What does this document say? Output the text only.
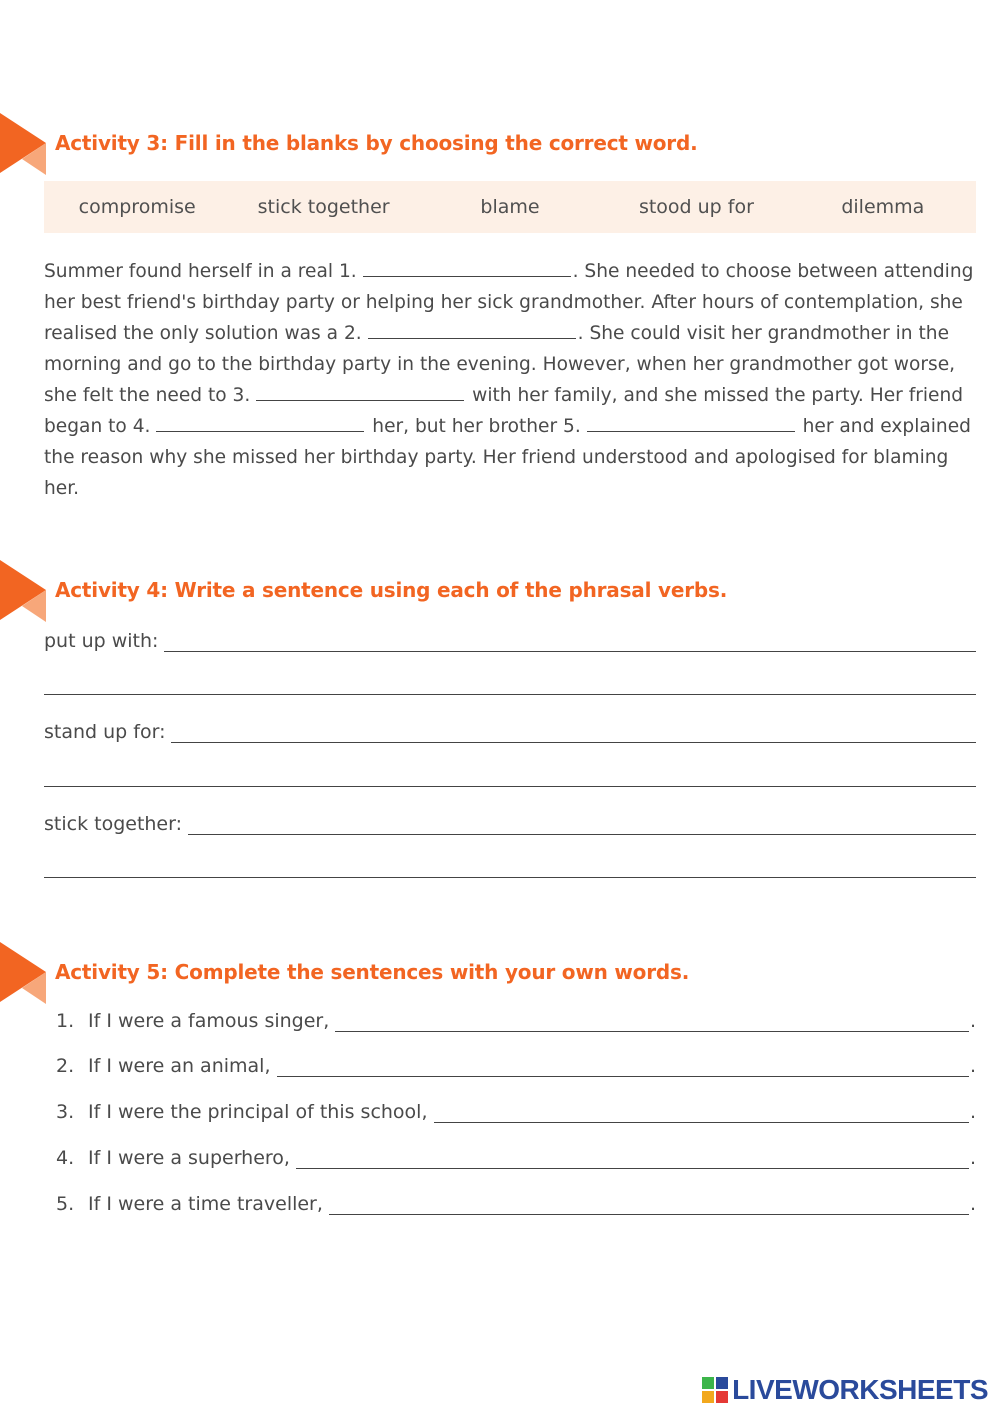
Activity 3: Fill in the blanks by choosing the correct word.
compromise	stick together	blame	stood up for	dilemma
Summer found herself in a real 1.	. She needed to choose between attending her best friend's birthday party or helping her sick grandmother. After hours of contemplation, she realised the only solution was a 2.	. She could visit her grandmother in the morning and go to the birthday party in the evening. However, when her grandmother got worse, she felt the need to 3.	with her family, and she missed the party. Her friend began to 4.	her, but her brother 5.	her and explained the reason why she missed her birthday party. Her friend understood and apologised for blaming her.
Activity 4: Write a sentence using each of the phrasal verbs.
put up with:
stand up for:
stick together:
Activity 5: Complete the sentences with your own words.
1. If I were a famous singer,	.
2. If I were an animal,	.
3. If I were the principal of this school,	.
4. If I were a superhero,	.
5. If I were a time traveller,	.
LIVEWORKSHEETS
